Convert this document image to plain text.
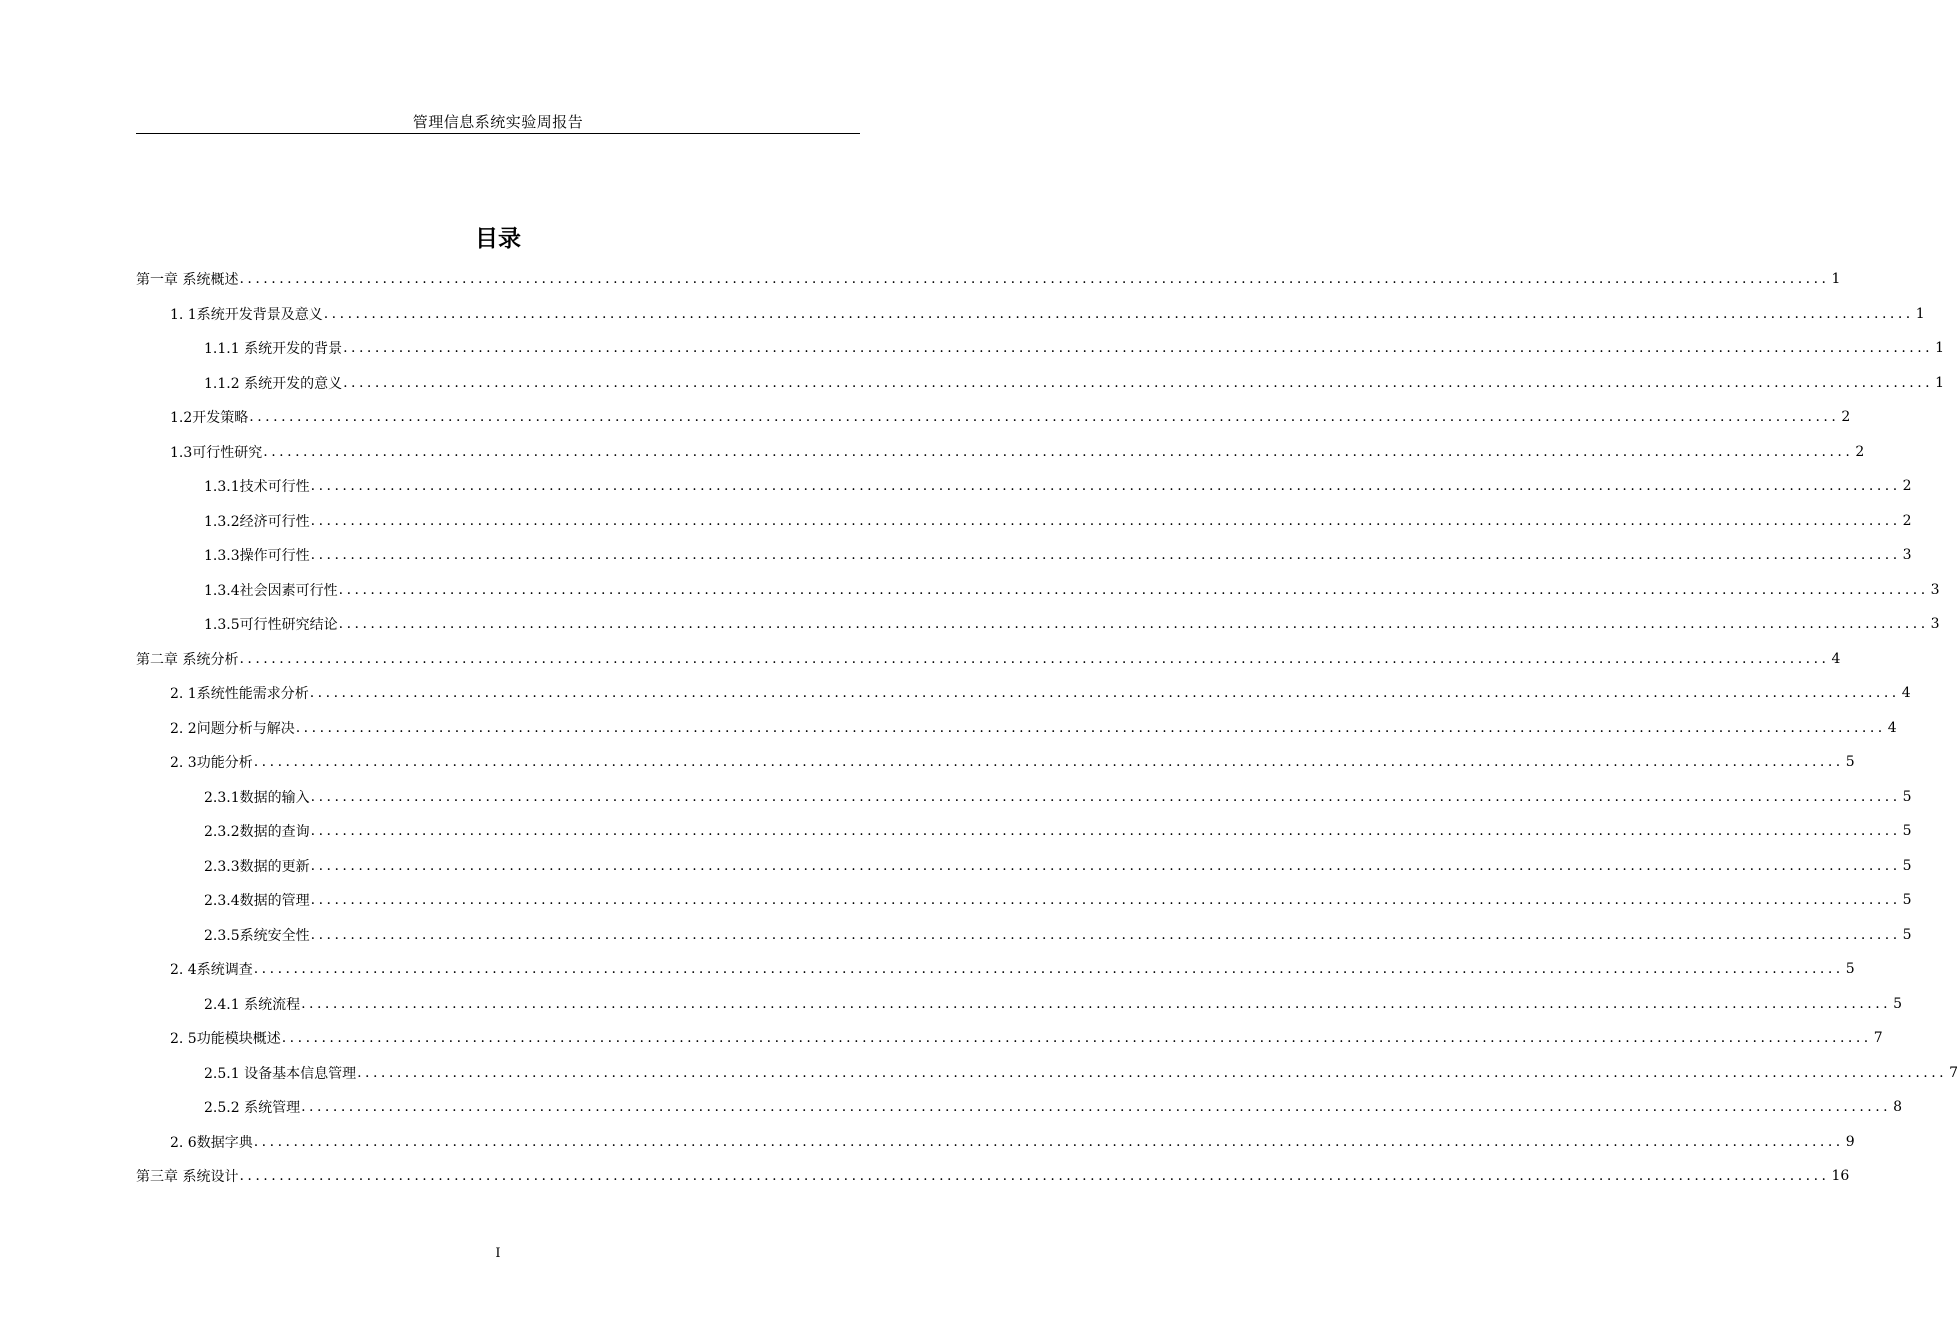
管理信息系统实验周报告
目录
第一章 系统概述 ........................................................................................................................................................................................................ 1
1. 1系统开发背景及意义 ........................................................................................................................................................................................................ 1
1.1.1 系统开发的背景 ........................................................................................................................................................................................................ 1
1.1.2 系统开发的意义 ........................................................................................................................................................................................................ 1
1.2开发策略 ........................................................................................................................................................................................................ 2
1.3可行性研究 ........................................................................................................................................................................................................ 2
1.3.1技术可行性 ........................................................................................................................................................................................................ 2
1.3.2经济可行性 ........................................................................................................................................................................................................ 2
1.3.3操作可行性 ........................................................................................................................................................................................................ 3
1.3.4社会因素可行性 ........................................................................................................................................................................................................ 3
1.3.5可行性研究结论 ........................................................................................................................................................................................................ 3
第二章 系统分析 ........................................................................................................................................................................................................ 4
2. 1系统性能需求分析 ........................................................................................................................................................................................................ 4
2. 2问题分析与解决 ........................................................................................................................................................................................................ 4
2. 3功能分析 ........................................................................................................................................................................................................ 5
2.3.1数据的输入 ........................................................................................................................................................................................................ 5
2.3.2数据的查询 ........................................................................................................................................................................................................ 5
2.3.3数据的更新 ........................................................................................................................................................................................................ 5
2.3.4数据的管理 ........................................................................................................................................................................................................ 5
2.3.5系统安全性 ........................................................................................................................................................................................................ 5
2. 4系统调查 ........................................................................................................................................................................................................ 5
2.4.1 系统流程 ........................................................................................................................................................................................................ 5
2. 5功能模块概述 ........................................................................................................................................................................................................ 7
2.5.1 设备基本信息管理 ........................................................................................................................................................................................................ 7
2.5.2 系统管理 ........................................................................................................................................................................................................ 8
2. 6数据字典 ........................................................................................................................................................................................................ 9
第三章 系统设计 ........................................................................................................................................................................................................ 16
I
